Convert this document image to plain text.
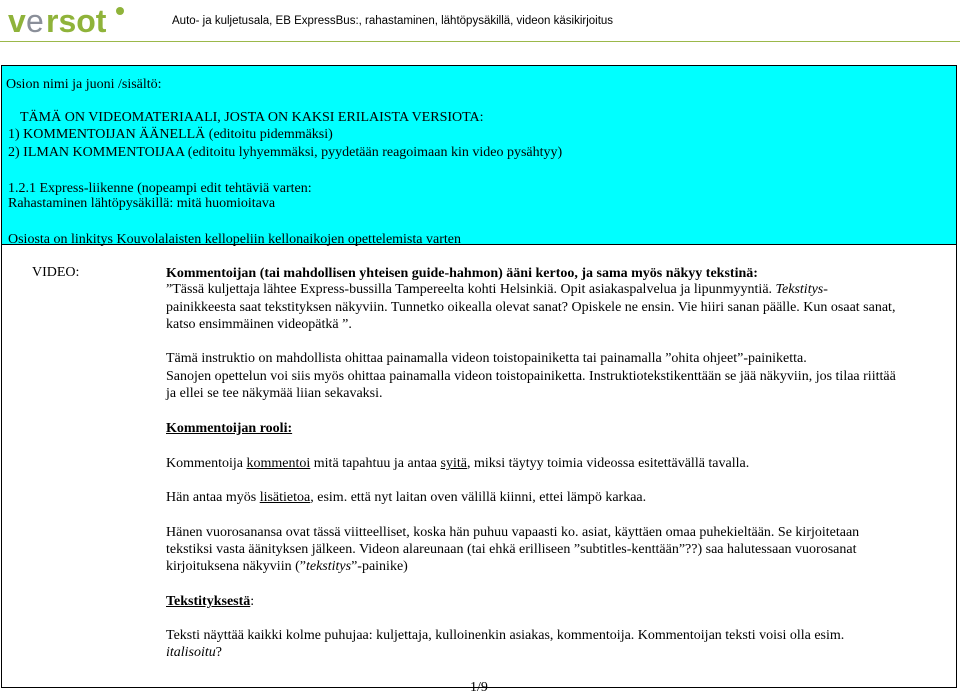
v e rsot	Auto- ja kuljetusala, EB ExpressBus:, rahastaminen, lähtöpysäkillä, videon käsikirjoitus
Osion nimi ja juoni /sisältö:
TÄMÄ ON VIDEOMATERIAALI, JOSTA ON KAKSI ERILAISTA VERSIOTA:
1) KOMMENTOIJAN ÄÄNELLÄ (editoitu pidemmäksi)
2) ILMAN KOMMENTOIJAA (editoitu lyhyemmäksi, pyydetään reagoimaan kin video pysähtyy)
1.2.1 Express-liikenne (nopeampi edit tehtäviä varten:
Rahastaminen lähtöpysäkillä: mitä huomioitava
Osiosta on linkitys Kouvolalaisten kellopeliin kellonaikojen opettelemista varten
VIDEO:	Kommentoijan (tai mahdollisen yhteisen guide-hahmon) ääni kertoo, ja sama myös näkyy tekstinä:
”Tässä kuljettaja lähtee Express-bussilla Tampereelta kohti Helsinkiä. Opit asiakaspalvelua ja lipunmyyntiä. Tekstitys-
painikkeesta saat tekstityksen näkyviin. Tunnetko oikealla olevat sanat? Opiskele ne ensin. Vie hiiri sanan päälle. Kun osaat sanat,
katso ensimmäinen videopätkä ”.
Tämä instruktio on mahdollista ohittaa painamalla videon toistopainiketta tai painamalla ”ohita ohjeet”-painiketta.
Sanojen opettelun voi siis myös ohittaa painamalla videon toistopainiketta. Instruktiotekstikenttään se jää näkyviin, jos tilaa riittää
ja ellei se tee näkymää liian sekavaksi.
Kommentoijan rooli:
Kommentoija kommentoi mitä tapahtuu ja antaa syitä, miksi täytyy toimia videossa esitettävällä tavalla.
Hän antaa myös lisätietoa, esim. että nyt laitan oven välillä kiinni, ettei lämpö karkaa.
Hänen vuorosanansa ovat tässä viitteelliset, koska hän puhuu vapaasti ko. asiat, käyttäen omaa puhekieltään. Se kirjoitetaan
tekstiksi vasta äänityksen jälkeen. Videon alareunaan (tai ehkä erilliseen ”subtitles-kenttään”??) saa halutessaan vuorosanat
kirjoituksena näkyviin (”tekstitys”-painike)
Tekstityksestä:
Teksti näyttää kaikki kolme puhujaa: kuljettaja, kulloinenkin asiakas, kommentoija. Kommentoijan teksti voisi olla esim.
italisoitu?
1/9
